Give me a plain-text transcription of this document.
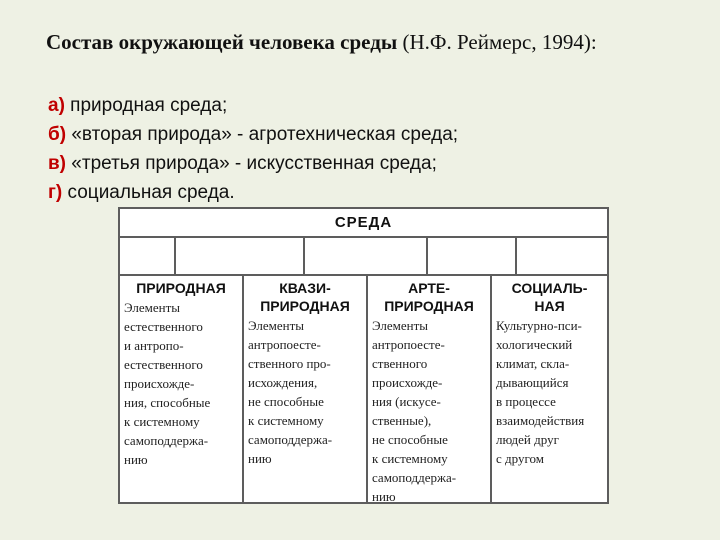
Состав окружающей человека среды (Н.Ф. Реймерс, 1994):
а) природная среда;
б) «вторая природа» - агротехническая среда;
в) «третья природа» - искусственная среда;
г) социальная среда.
СРЕДА
ПРИРОДНАЯ
Элементы
естественного
и антропо-
естественного
происхожде-
ния, способные
к системному
самоподдержа-
нию
КВАЗИ-
ПРИРОДНАЯ
Элементы
антропоесте-
ственного про-
исхождения,
не способные
к системному
самоподдержа-
нию
АРТЕ-
ПРИРОДНАЯ
Элементы
антропоесте-
ственного
происхожде-
ния (искусе-
ственные),
не способные
к системному
самоподдержа-
нию
СОЦИАЛЬ-
НАЯ
Культурно-пси-
хологический
климат, скла-
дывающийся
в процессе
взаимодействия
людей друг
с другом
